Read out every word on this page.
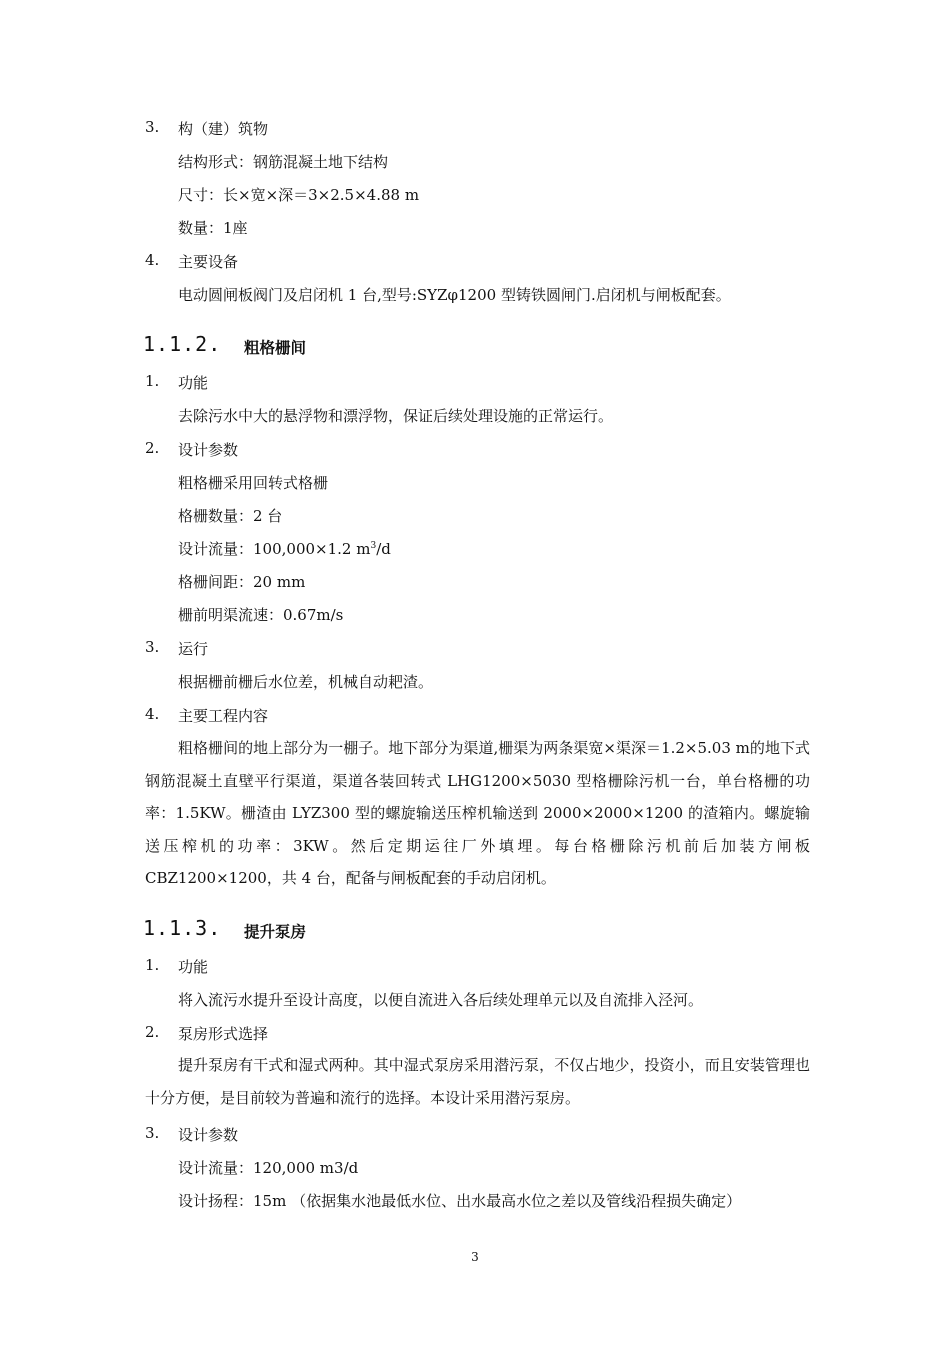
3. 构（建）筑物
结构形式：钢筋混凝土地下结构
尺寸：长×宽×深＝3×2.5×4.88 m
数量：1座
4. 主要设备
电动圆闸板阀门及启闭机 1 台,型号:SYZφ1200 型铸铁圆闸门.启闭机与闸板配套。
1.1.2. 粗格栅间
1. 功能
去除污水中大的悬浮物和漂浮物，保证后续处理设施的正常运行。
2. 设计参数
粗格栅采用回转式格栅
格栅数量：2 台
设计流量：100,000×1.2 $m^3/d$
格栅间距：20 mm
栅前明渠流速：0.67m/s
3. 运行
根据栅前栅后水位差，机械自动耙渣。
4. 主要工程内容
粗格栅间的地上部分为一棚子。地下部分为渠道,栅渠为两条渠宽×渠深＝1.2×5.03 m的地下式钢筋混凝土直壁平行渠道，渠道各装回转式 LHG1200×5030 型格栅除污机一台，单台格栅的功率：1.5KW。栅渣由 LYZ300 型的螺旋输送压榨机输送到 2000×2000×1200 的渣箱内。螺旋输送压榨机的功率：3KW。然后定期运往厂外填埋。每台格栅除污机前后加装方闸板 CBZ1200×1200，共 4 台，配备与闸板配套的手动启闭机。
1.1.3. 提升泵房
1. 功能
将入流污水提升至设计高度，以便自流进入各后续处理单元以及自流排入泾河。
2. 泵房形式选择
提升泵房有干式和湿式两种。其中湿式泵房采用潜污泵，不仅占地少，投资小，而且安装管理也十分方便，是目前较为普遍和流行的选择。本设计采用潜污泵房。
3. 设计参数
设计流量：120,000 m3/d
设计扬程：15m （依据集水池最低水位、出水最高水位之差以及管线沿程损失确定）
3
